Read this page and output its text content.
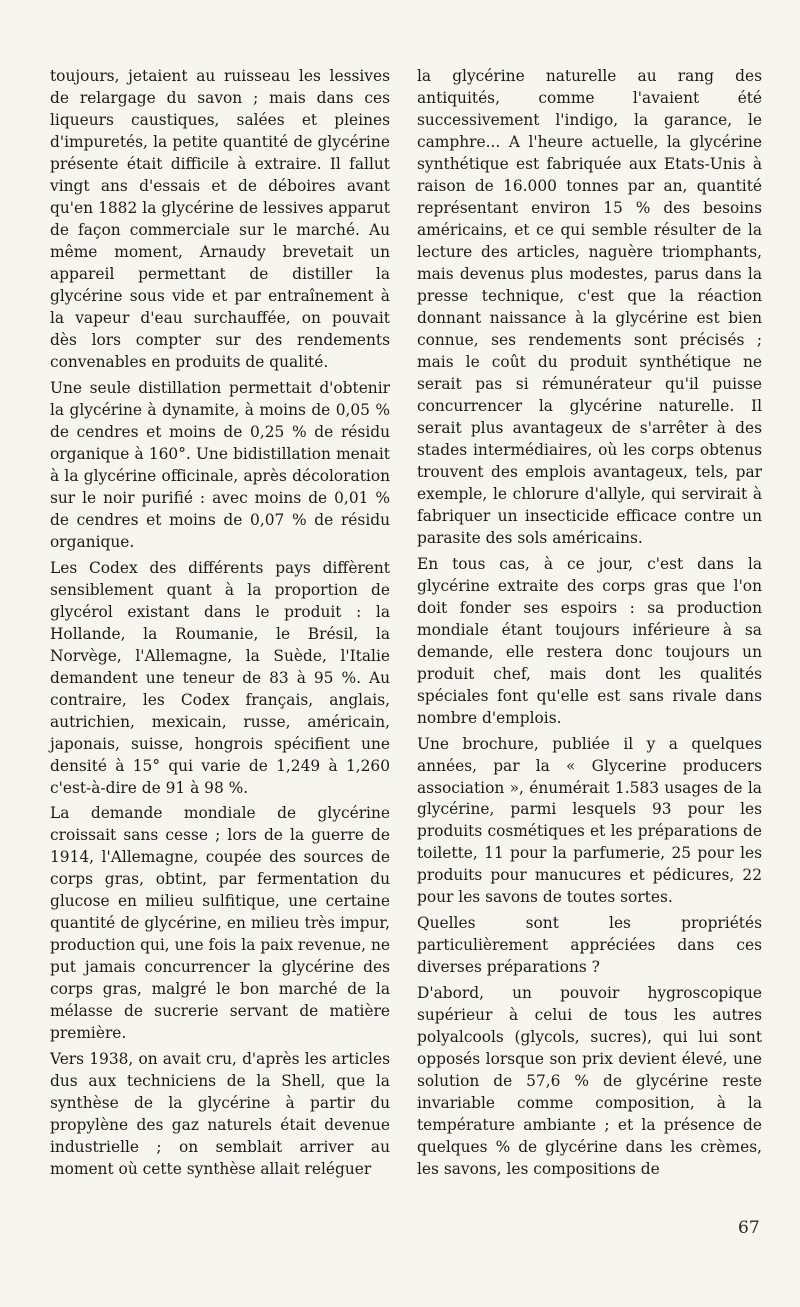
toujours, jetaient au ruisseau les lessives de relargage du savon ; mais dans ces liqueurs caustiques, salées et pleines d'impuretés, la petite quantité de glycérine présente était difficile à extraire. Il fallut vingt ans d'essais et de déboires avant qu'en 1882 la glycérine de lessives apparut de façon commerciale sur le marché. Au même moment, Arnaudy brevetait un appareil permettant de distiller la glycérine sous vide et par entraînement à la vapeur d'eau surchauffée, on pouvait dès lors compter sur des rendements convenables en produits de qualité.

Une seule distillation permettait d'obtenir la glycérine à dynamite, à moins de 0,05 % de cendres et moins de 0,25 % de résidu organique à 160°. Une bidistillation menait à la glycérine officinale, après décoloration sur le noir purifié : avec moins de 0,01 % de cendres et moins de 0,07 % de résidu organique.

Les Codex des différents pays diffèrent sensiblement quant à la proportion de glycérol existant dans le produit : la Hollande, la Roumanie, le Brésil, la Norvège, l'Allemagne, la Suède, l'Italie demandent une teneur de 83 à 95 %. Au contraire, les Codex français, anglais, autrichien, mexicain, russe, américain, japonais, suisse, hongrois spécifient une densité à 15° qui varie de 1,249 à 1,260 c'est-à-dire de 91 à 98 %.

La demande mondiale de glycérine croissait sans cesse ; lors de la guerre de 1914, l'Allemagne, coupée des sources de corps gras, obtint, par fermentation du glucose en milieu sulfitique, une certaine quantité de glycérine, en milieu très impur, production qui, une fois la paix revenue, ne put jamais concurrencer la glycérine des corps gras, malgré le bon marché de la mélasse de sucrerie servant de matière première.

Vers 1938, on avait cru, d'après les articles dus aux techniciens de la Shell, que la synthèse de la glycérine à partir du propylène des gaz naturels était devenue industrielle ; on semblait arriver au moment où cette synthèse allait reléguer

la glycérine naturelle au rang des antiquités, comme l'avaient été successivement l'indigo, la garance, le camphre... A l'heure actuelle, la glycérine synthétique est fabriquée aux Etats-Unis à raison de 16.000 tonnes par an, quantité représentant environ 15 % des besoins américains, et ce qui semble résulter de la lecture des articles, naguère triomphants, mais devenus plus modestes, parus dans la presse technique, c'est que la réaction donnant naissance à la glycérine est bien connue, ses rendements sont précisés ; mais le coût du produit synthétique ne serait pas si rémunérateur qu'il puisse concurrencer la glycérine naturelle. Il serait plus avantageux de s'arrêter à des stades intermédiaires, où les corps obtenus trouvent des emplois avantageux, tels, par exemple, le chlorure d'allyle, qui servirait à fabriquer un insecticide efficace contre un parasite des sols américains.

En tous cas, à ce jour, c'est dans la glycérine extraite des corps gras que l'on doit fonder ses espoirs : sa production mondiale étant toujours inférieure à sa demande, elle restera donc toujours un produit chef, mais dont les qualités spéciales font qu'elle est sans rivale dans nombre d'emplois.

Une brochure, publiée il y a quelques années, par la « Glycerine producers association », énumérait 1.583 usages de la glycérine, parmi lesquels 93 pour les produits cosmétiques et les préparations de toilette, 11 pour la parfumerie, 25 pour les produits pour manucures et pédicures, 22 pour les savons de toutes sortes.

Quelles sont les propriétés particulièrement appréciées dans ces diverses préparations ?

D'abord, un pouvoir hygroscopique supérieur à celui de tous les autres polyalcools (glycols, sucres), qui lui sont opposés lorsque son prix devient élevé, une solution de 57,6 % de glycérine reste invariable comme composition, à la température ambiante ; et la présence de quelques % de glycérine dans les crèmes, les savons, les compositions de

67
